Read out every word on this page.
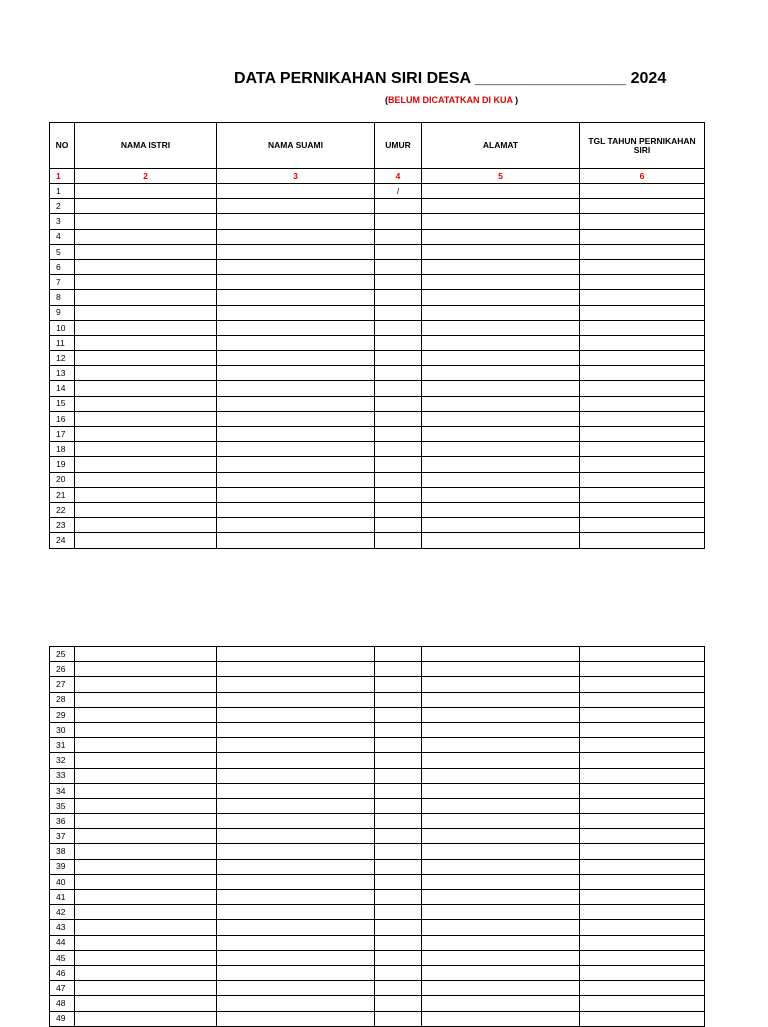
DATA PERNIKAHAN SIRI DESA _________________ 2024
(BELUM DICATATKAN DI KUA )
NO	NAMA ISTRI	NAMA SUAMI	UMUR	ALAMAT	TGL TAHUN PERNIKAHAN SIRI

1	2	3	4	5	6
1			/		
2					
3					
4					
5					
6					
7					
8					
9					
10					
11					
12					
13					
14					
15					
16					
17					
18					
19					
20					
21					
22					
23					
24					
25					
26					
27					
28					
29					
30					
31					
32					
33					
34					
35					
36					
37					
38					
39					
40					
41					
42					
43					
44					
45					
46					
47					
48					
49					
